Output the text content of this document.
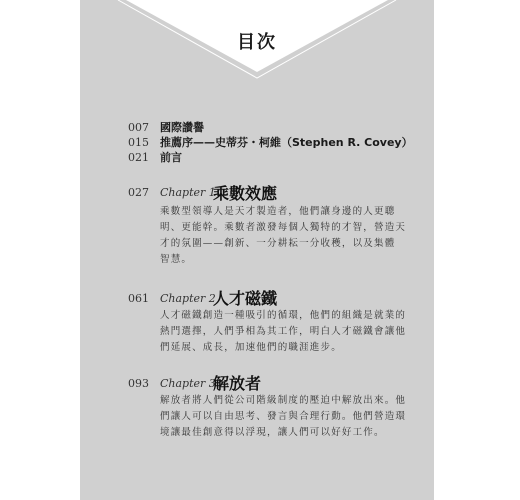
目次
007 國際讚譽
015 推薦序——史蒂芬・柯維（Stephen R. Covey）
021 前言
027 Chapter 1
乘數效應
乘數型領導人是天才製造者，他們讓身邊的人更聰
明、更能幹。乘數者激發每個人獨特的才智，營造天
才的氛圍——創新、一分耕耘一分收穫，以及集體
智慧。
061 Chapter 2
人才磁鐵
人才磁鐵創造一種吸引的循環，他們的組織是就業的
熱門選擇，人們爭相為其工作，明白人才磁鐵會讓他
們延展、成長，加速他們的職涯進步。
093 Chapter 3
解放者
解放者將人們從公司階級制度的壓迫中解放出來。他
們讓人可以自由思考、發言與合理行動。他們營造環
境讓最佳創意得以浮現，讓人們可以好好工作。
